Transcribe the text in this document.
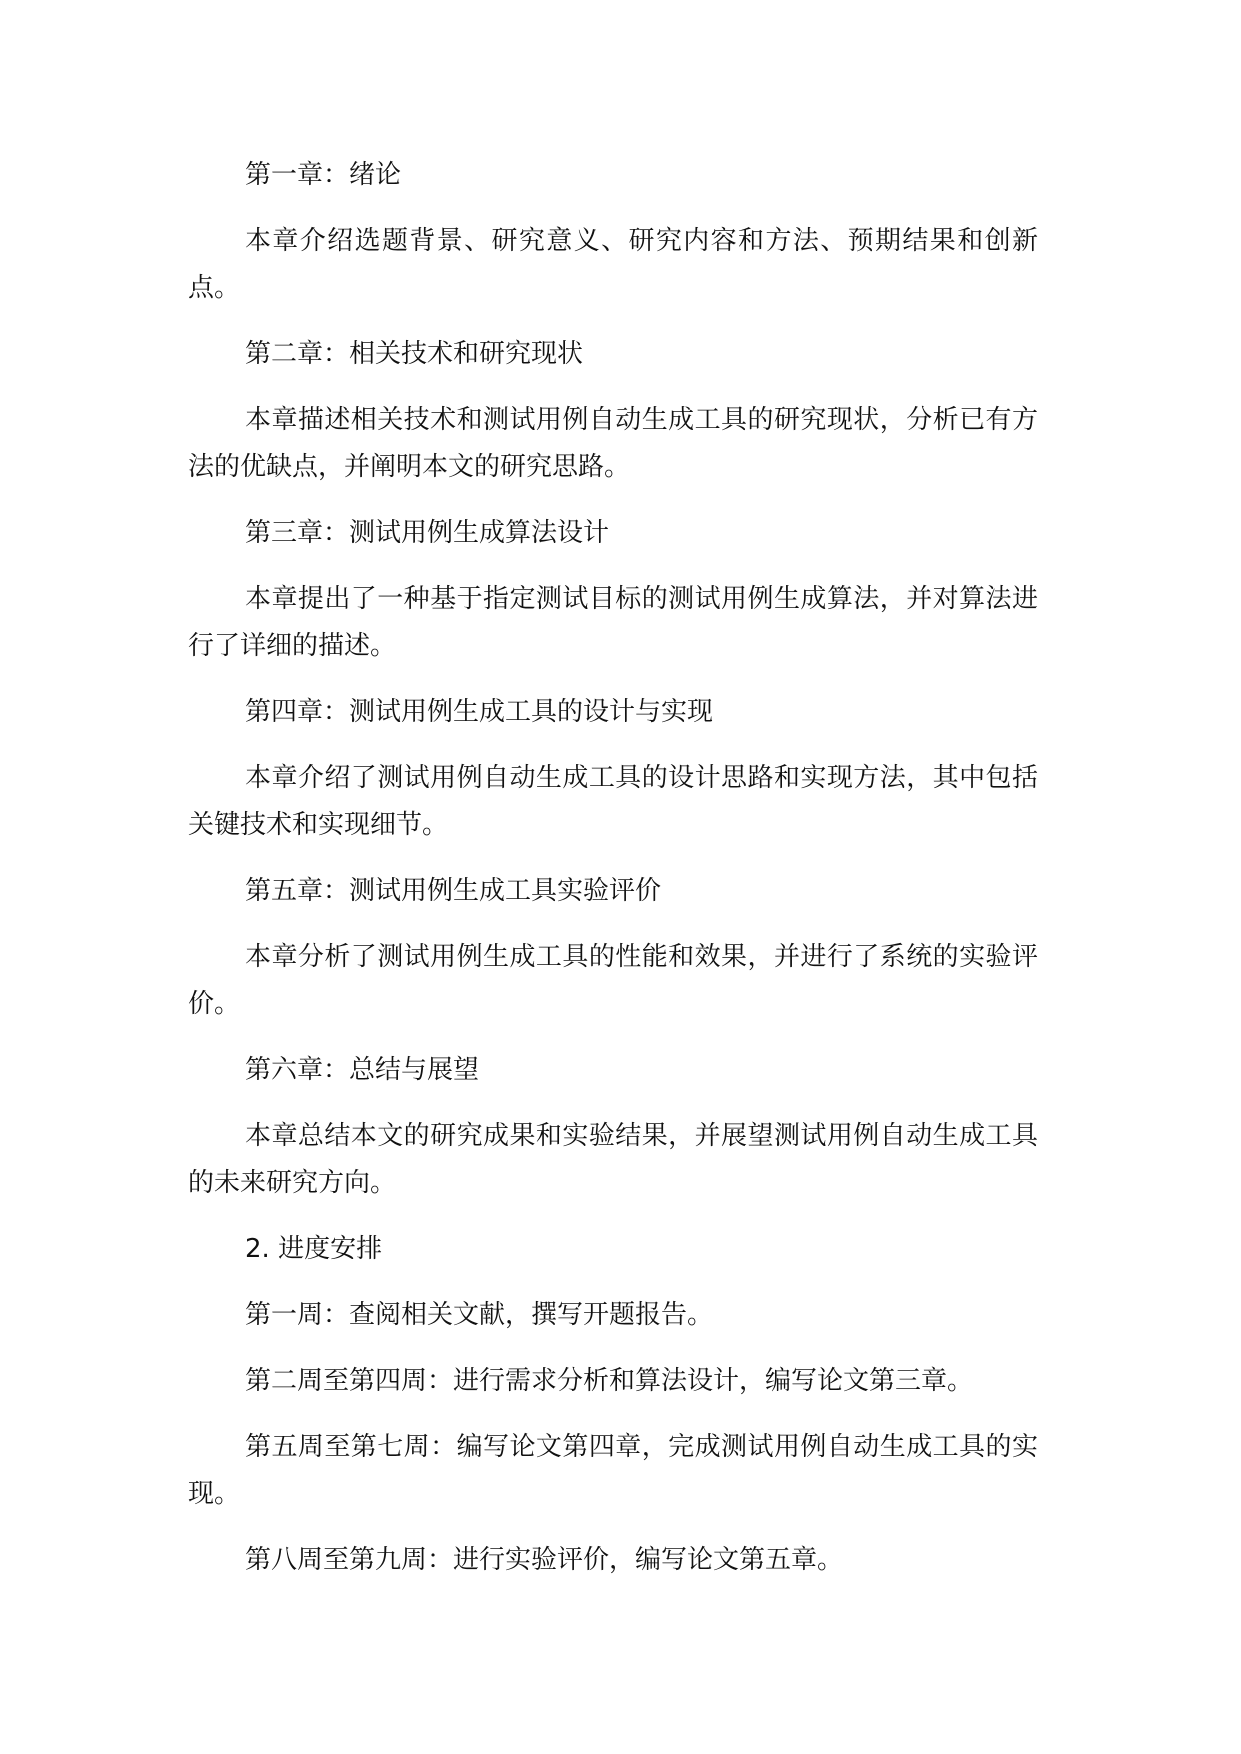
第一章：绪论

本章介绍选题背景、研究意义、研究内容和方法、预期结果和创新点。

第二章：相关技术和研究现状

本章描述相关技术和测试用例自动生成工具的研究现状，分析已有方法的优缺点，并阐明本文的研究思路。

第三章：测试用例生成算法设计

本章提出了一种基于指定测试目标的测试用例生成算法，并对算法进行了详细的描述。

第四章：测试用例生成工具的设计与实现

本章介绍了测试用例自动生成工具的设计思路和实现方法，其中包括关键技术和实现细节。

第五章：测试用例生成工具实验评价

本章分析了测试用例生成工具的性能和效果，并进行了系统的实验评价。

第六章：总结与展望

本章总结本文的研究成果和实验结果，并展望测试用例自动生成工具的未来研究方向。

2. 进度安排

第一周：查阅相关文献，撰写开题报告。

第二周至第四周：进行需求分析和算法设计，编写论文第三章。

第五周至第七周：编写论文第四章，完成测试用例自动生成工具的实现。

第八周至第九周：进行实验评价，编写论文第五章。
